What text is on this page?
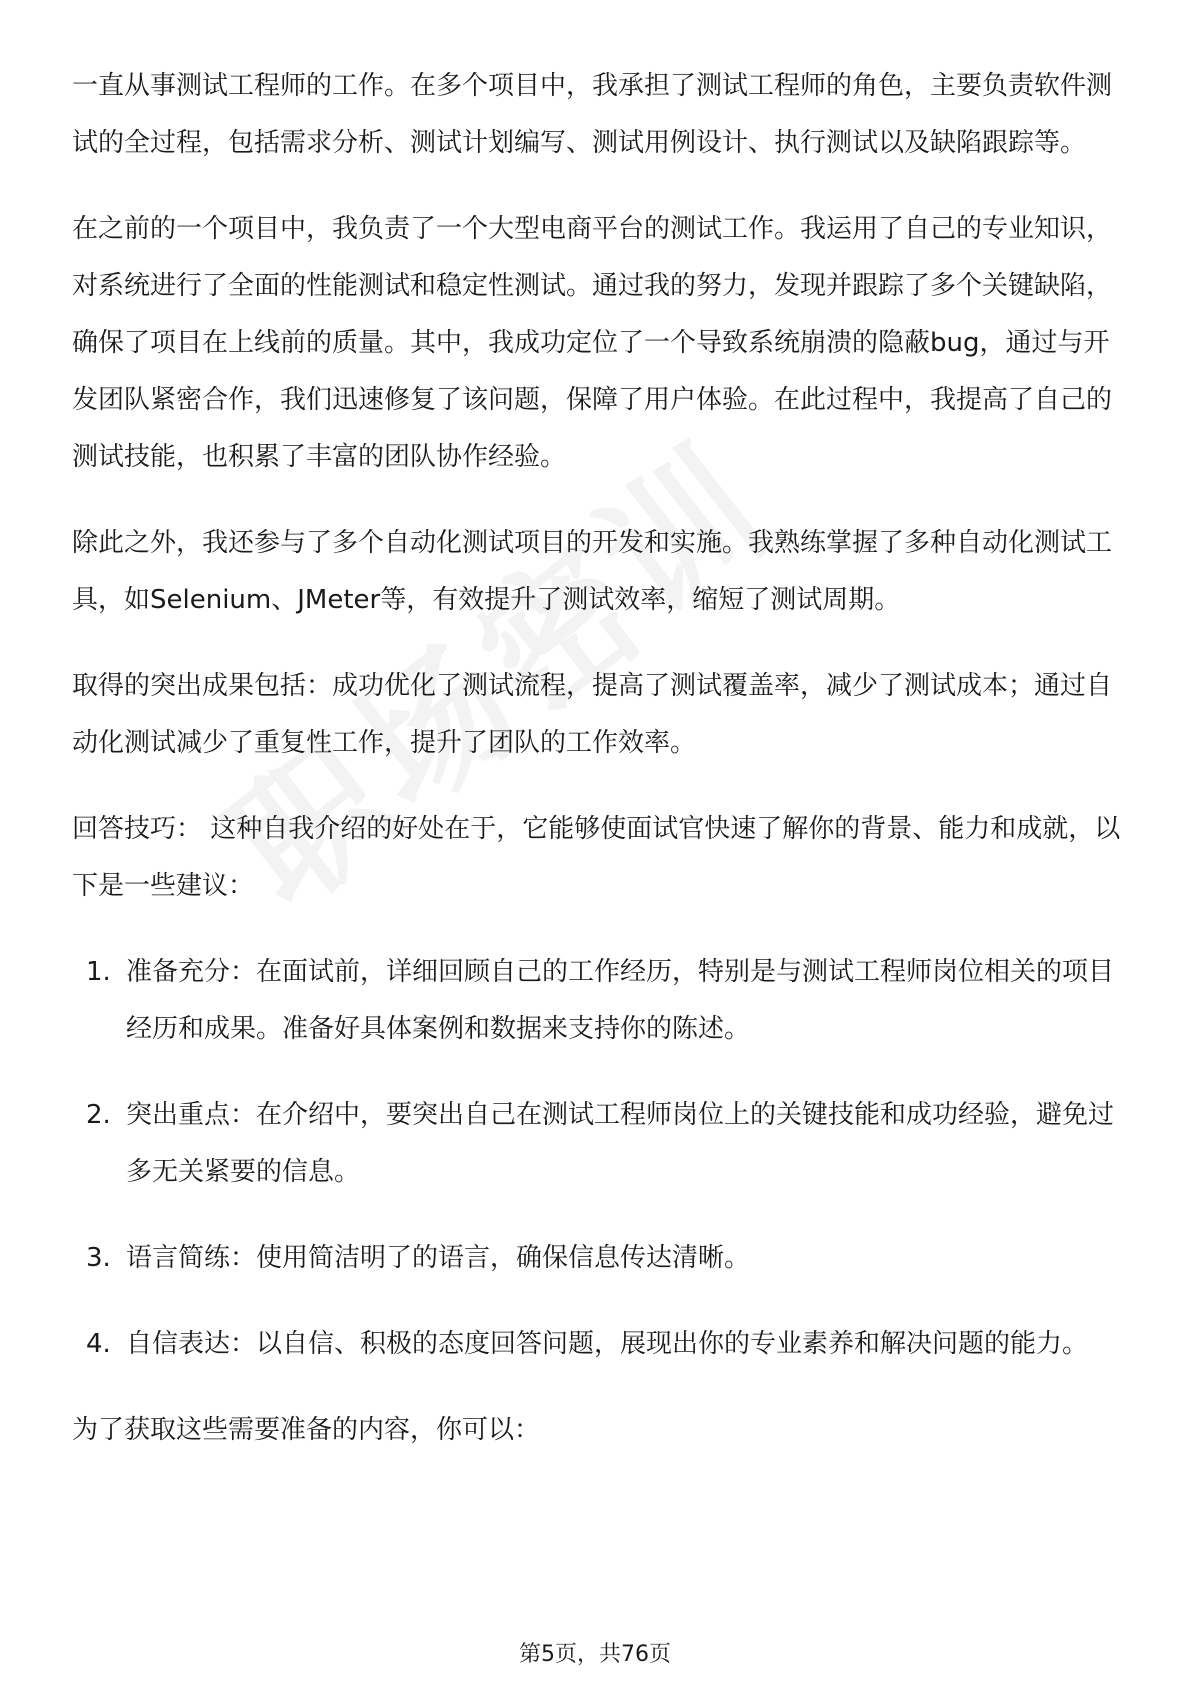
一直从事测试工程师的工作。在多个项目中，我承担了测试工程师的角色，主要负责软件测试的全过程，包括需求分析、测试计划编写、测试用例设计、执行测试以及缺陷跟踪等。

在之前的一个项目中，我负责了一个大型电商平台的测试工作。我运用了自己的专业知识，对系统进行了全面的性能测试和稳定性测试。通过我的努力，发现并跟踪了多个关键缺陷，确保了项目在上线前的质量。其中，我成功定位了一个导致系统崩溃的隐蔽bug，通过与开发团队紧密合作，我们迅速修复了该问题，保障了用户体验。在此过程中，我提高了自己的测试技能，也积累了丰富的团队协作经验。

除此之外，我还参与了多个自动化测试项目的开发和实施。我熟练掌握了多种自动化测试工具，如Selenium、JMeter等，有效提升了测试效率，缩短了测试周期。

取得的突出成果包括：成功优化了测试流程，提高了测试覆盖率，减少了测试成本；通过自动化测试减少了重复性工作，提升了团队的工作效率。

回答技巧： 这种自我介绍的好处在于，它能够使面试官快速了解你的背景、能力和成就，以下是一些建议：

1. 准备充分：在面试前，详细回顾自己的工作经历，特别是与测试工程师岗位相关的项目经历和成果。准备好具体案例和数据来支持你的陈述。
2. 突出重点：在介绍中，要突出自己在测试工程师岗位上的关键技能和成功经验，避免过多无关紧要的信息。
3. 语言简练：使用简洁明了的语言，确保信息传达清晰。
4. 自信表达：以自信、积极的态度回答问题，展现出你的专业素养和解决问题的能力。

为了获取这些需要准备的内容，你可以：

第5页，共76页
